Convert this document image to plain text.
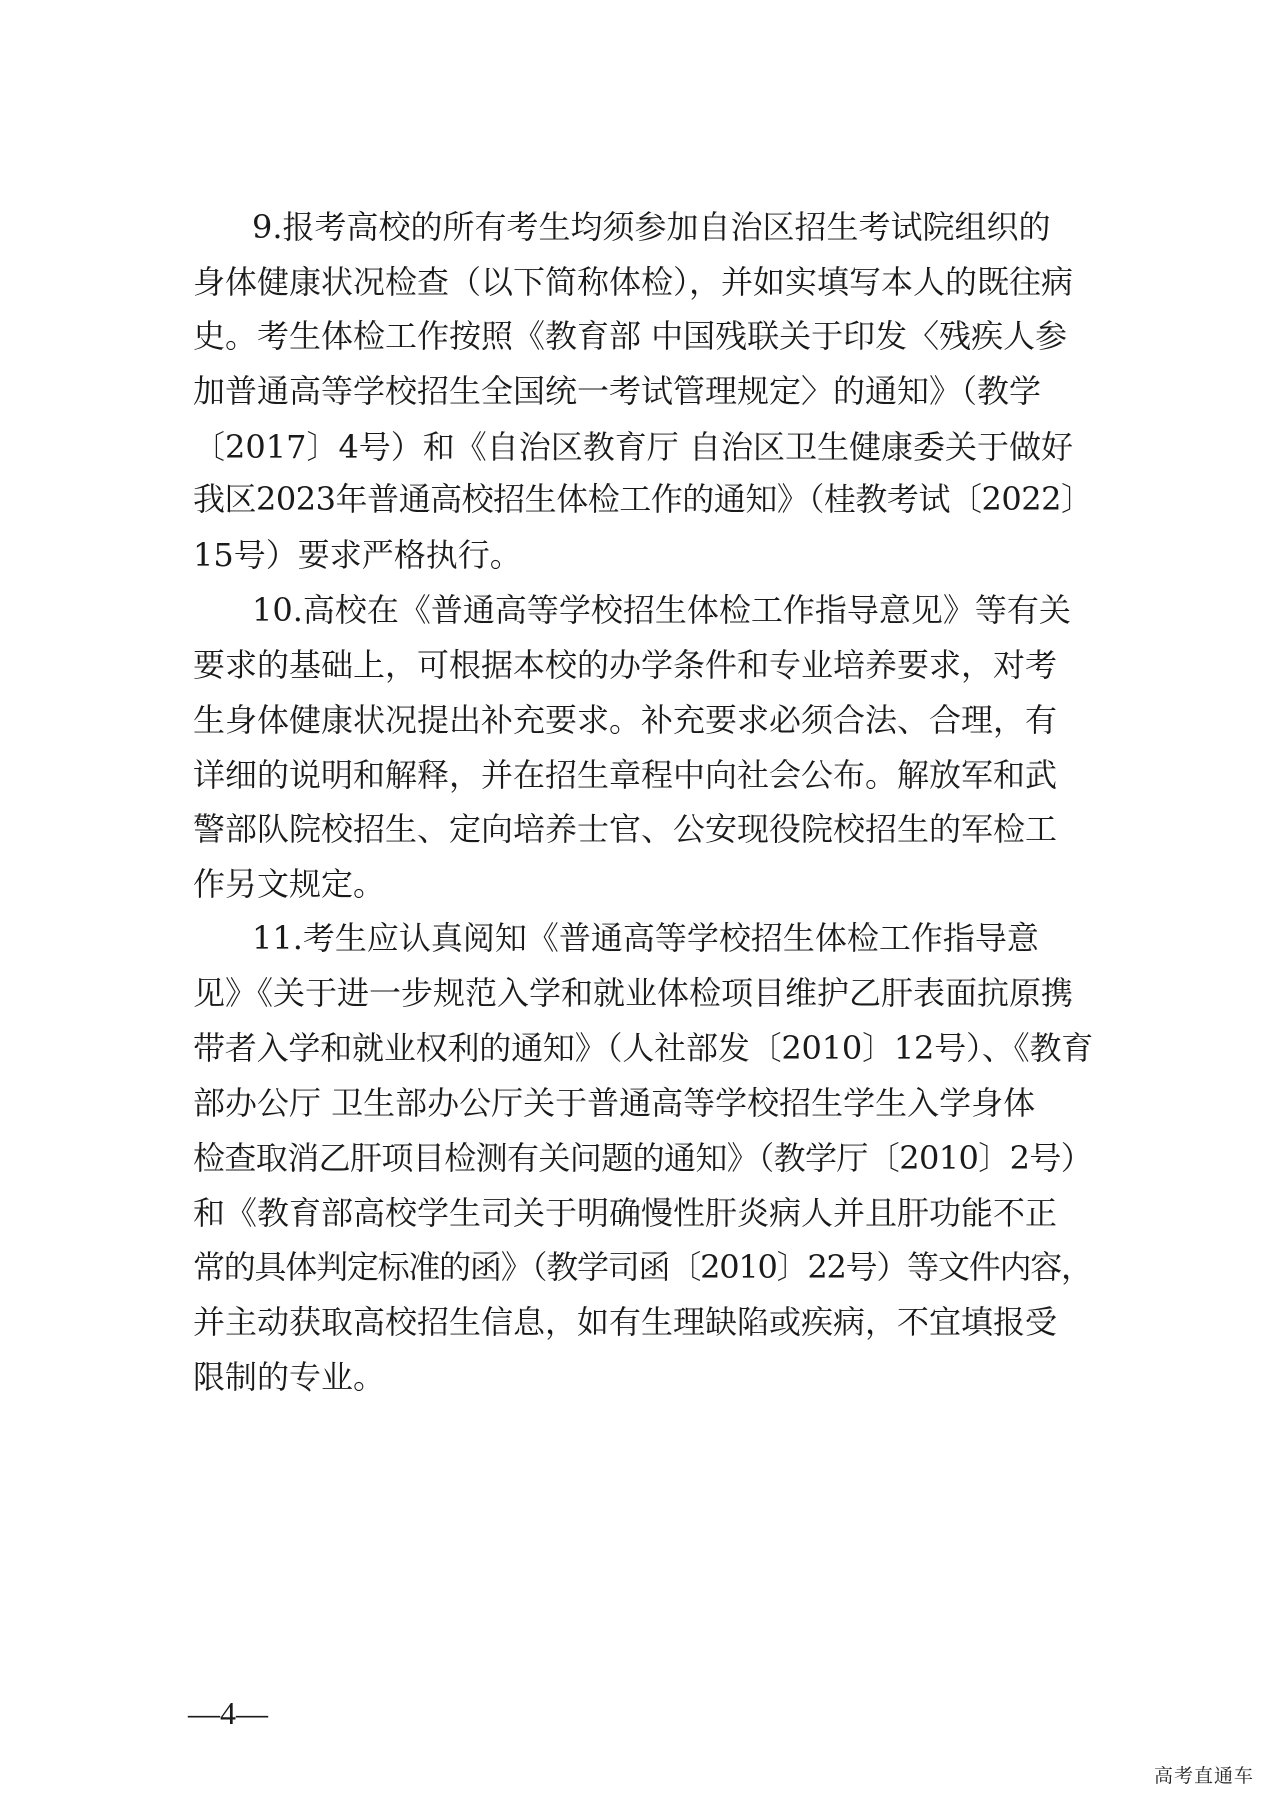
9.报考高校的所有考生均须参加自治区招生考试院组织的
身体健康状况检查（以下简称体检），并如实填写本人的既往病
史。考生体检工作按照《教育部 中国残联关于印发〈残疾人参
加普通高等学校招生全国统一考试管理规定〉的通知》（教学
〔2017〕4号）和《自治区教育厅 自治区卫生健康委关于做好
我区2023年普通高校招生体检工作的通知》（桂教考试〔2022〕
15号）要求严格执行。
10.高校在《普通高等学校招生体检工作指导意见》等有关
要求的基础上，可根据本校的办学条件和专业培养要求，对考
生身体健康状况提出补充要求。补充要求必须合法、合理，有
详细的说明和解释，并在招生章程中向社会公布。解放军和武
警部队院校招生、定向培养士官、公安现役院校招生的军检工
作另文规定。
11.考生应认真阅知《普通高等学校招生体检工作指导意
见》《关于进一步规范入学和就业体检项目维护乙肝表面抗原携
带者入学和就业权利的通知》（人社部发〔2010〕12号）、《教育
部办公厅 卫生部办公厅关于普通高等学校招生学生入学身体
检查取消乙肝项目检测有关问题的通知》（教学厅〔2010〕2号）
和《教育部高校学生司关于明确慢性肝炎病人并且肝功能不正
常的具体判定标准的函》（教学司函〔2010〕22号）等文件内容，
并主动获取高校招生信息，如有生理缺陷或疾病，不宜填报受
限制的专业。
—4—
高考直通车
